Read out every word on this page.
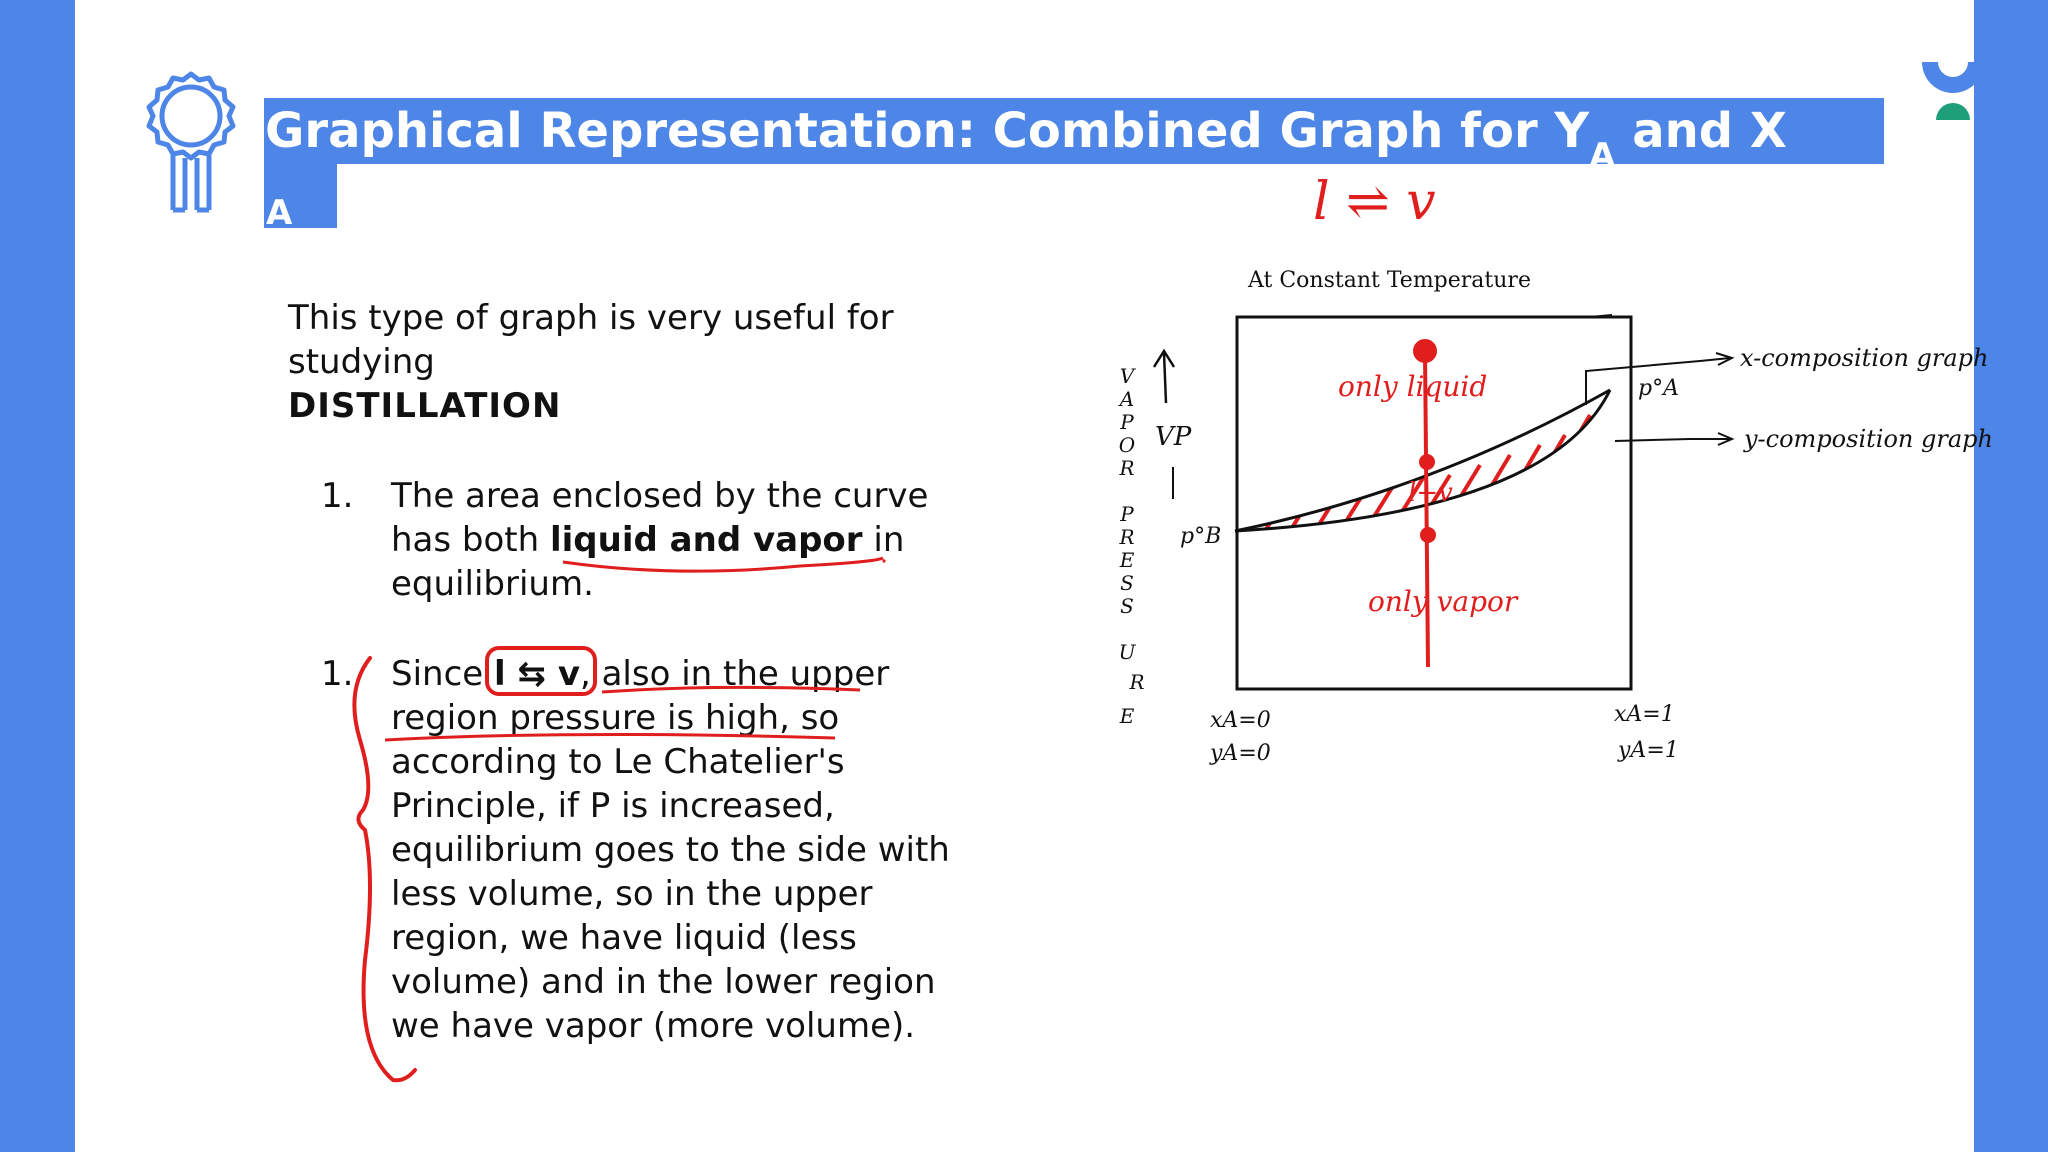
Graphical Representation: Combined Graph for $Y_A$ and X
A	l ⇌ v
This type of graph is very useful for
studying
DISTILLATION
1. The area enclosed by the curve
has both liquid and vapor in
equilibrium.
1. Since l ⇆ v, also in the upper
region pressure is high, so
according to Le Chatelier's
Principle, if P is increased,
equilibrium goes to the side with
less volume, so in the upper
region, we have liquid (less
volume) and in the lower region
we have vapor (more volume).
At Constant Temperature
only liquid
l+v
only vapor
V
A
P
O
R
P
R
E
S
S
U
R
E
VP
p°B
p°A
x-composition graph
y-composition graph
xA=0
yA=0
xA=1
yA=1
